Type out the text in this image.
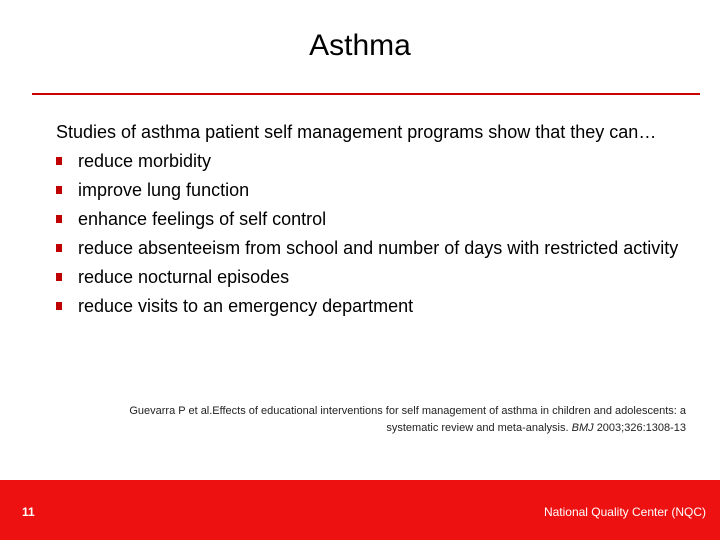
Asthma
Studies of asthma patient self management programs show that they can…
reduce morbidity
improve lung function
enhance feelings of self control
reduce absenteeism from school and number of days with restricted activity
reduce nocturnal episodes
reduce visits to an emergency department
Guevarra P et al.Effects of educational interventions for self management of asthma in children and adolescents: a systematic review and meta-analysis. BMJ 2003;326:1308-13
11	National Quality Center (NQC)
